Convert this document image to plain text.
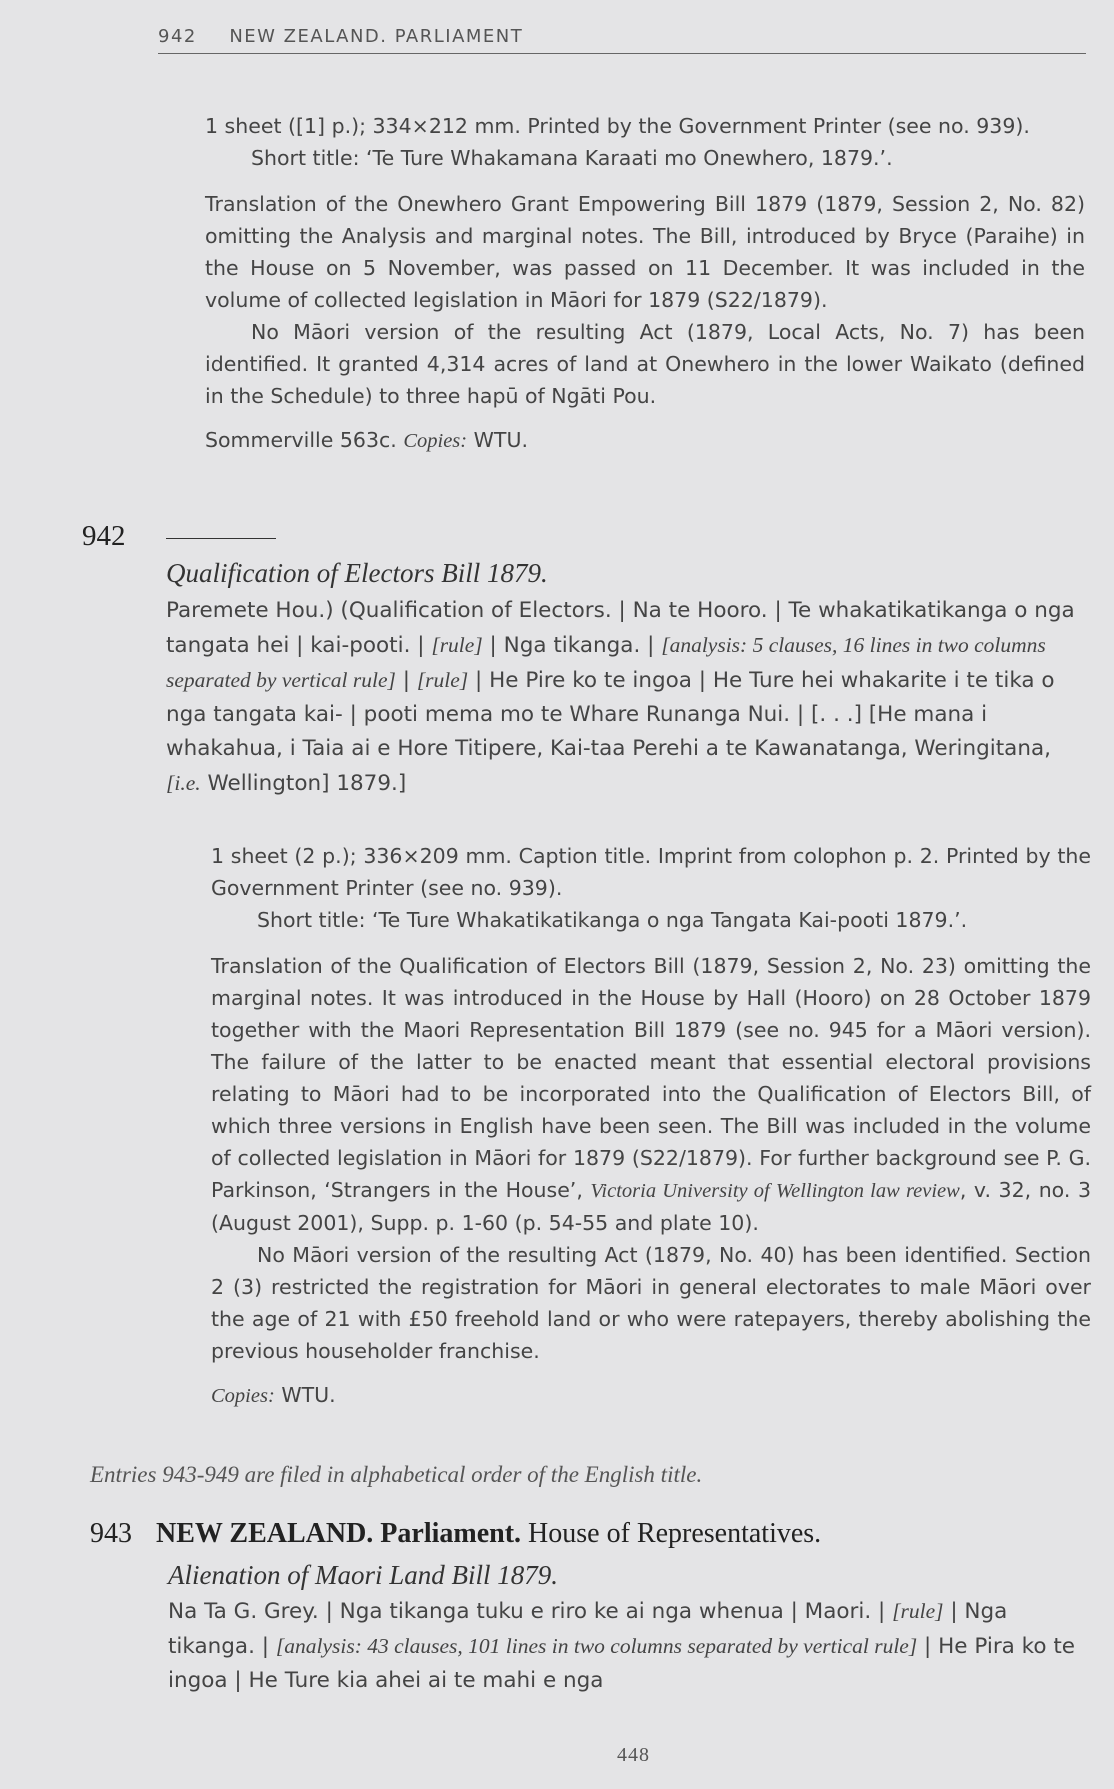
942 NEW ZEALAND. PARLIAMENT
1 sheet ([1] p.); 334×212 mm. Printed by the Government Printer (see no. 939).
Short title: ‘Te Ture Whakamana Karaati mo Onewhero, 1879.’.
Translation of the Onewhero Grant Empowering Bill 1879 (1879, Session 2, No. 82) omitting the Analysis and marginal notes. The Bill, introduced by Bryce (Paraihe) in the House on 5 November, was passed on 11 December. It was included in the volume of collected legislation in Māori for 1879 (S22/1879).
No Māori version of the resulting Act (1879, Local Acts, No. 7) has been identified. It granted 4,314 acres of land at Onewhero in the lower Waikato (defined in the Schedule) to three hapū of Ngāti Pou.
Sommerville 563c. Copies: WTU.
942
Qualification of Electors Bill 1879.
Paremete Hou.) (Qualification of Electors. | Na te Hooro. | Te whakatikatikanga o nga tangata hei | kai-pooti. | [rule] | Nga tikanga. | [analysis: 5 clauses, 16 lines in two columns separated by vertical rule] | [rule] | He Pire ko te ingoa | He Ture hei whakarite i te tika o nga tangata kai- | pooti mema mo te Whare Runanga Nui. | [. . .] [He mana i whakahua, i Taia ai e Hore Titipere, Kai-taa Perehi a te Kawanatanga, Weringitana, [i.e. Wellington] 1879.]
1 sheet (2 p.); 336×209 mm. Caption title. Imprint from colophon p. 2. Printed by the Government Printer (see no. 939).
Short title: ‘Te Ture Whakatikatikanga o nga Tangata Kai-pooti 1879.’.
Translation of the Qualification of Electors Bill (1879, Session 2, No. 23) omitting the marginal notes. It was introduced in the House by Hall (Hooro) on 28 October 1879 together with the Maori Representation Bill 1879 (see no. 945 for a Māori version). The failure of the latter to be enacted meant that essential electoral provisions relating to Māori had to be incorporated into the Qualification of Electors Bill, of which three versions in English have been seen. The Bill was included in the volume of collected legislation in Māori for 1879 (S22/1879). For further background see P. G. Parkinson, ‘Strangers in the House’, Victoria University of Wellington law review, v. 32, no. 3 (August 2001), Supp. p. 1-60 (p. 54-55 and plate 10).
No Māori version of the resulting Act (1879, No. 40) has been identified. Section 2 (3) restricted the registration for Māori in general electorates to male Māori over the age of 21 with £50 freehold land or who were ratepayers, thereby abolishing the previous householder franchise.
Copies: WTU.
Entries 943-949 are filed in alphabetical order of the English title.
943 NEW ZEALAND. Parliament. House of Representatives.
Alienation of Maori Land Bill 1879.
Na Ta G. Grey. | Nga tikanga tuku e riro ke ai nga whenua | Maori. | [rule] | Nga tikanga. | [analysis: 43 clauses, 101 lines in two columns separated by vertical rule] | He Pira ko te ingoa | He Ture kia ahei ai te mahi e nga
448
